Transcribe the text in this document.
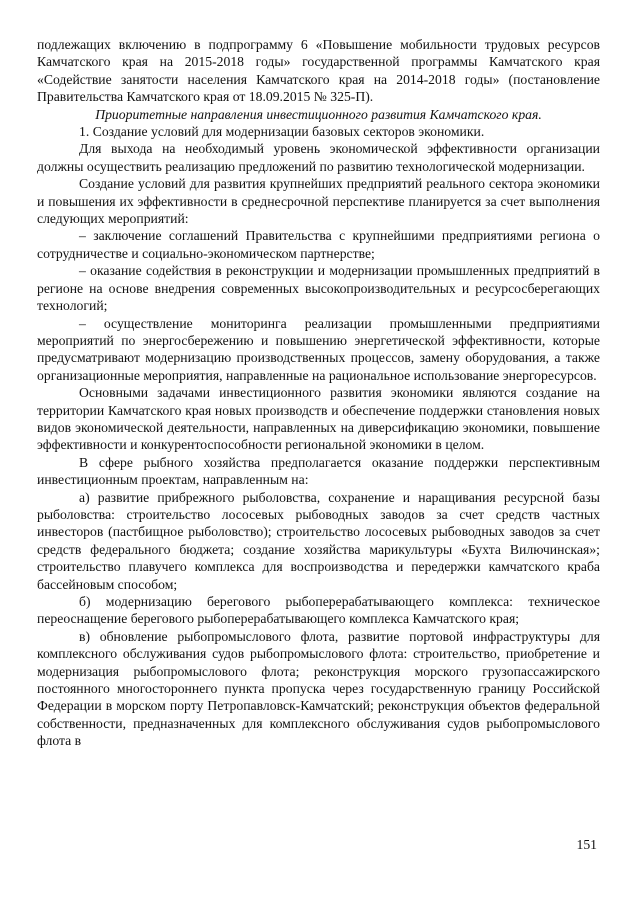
подлежащих включению в подпрограмму 6 «Повышение мобильности трудовых ресурсов Камчатского края на 2015-2018 годы» государственной программы Камчатского края «Содействие занятости населения Камчатского края на 2014-2018 годы» (постановление Правительства Камчатского края от 18.09.2015 № 325-П).

Приоритетные направления инвестиционного развития Камчатского края.

1. Создание условий для модернизации базовых секторов экономики.

Для выхода на необходимый уровень экономической эффективности организации должны осуществить реализацию предложений по развитию технологической модернизации.

Создание условий для развития крупнейших предприятий реального сектора экономики и повышения их эффективности в среднесрочной перспективе планируется за счет выполнения следующих мероприятий:

– заключение соглашений Правительства с крупнейшими предприятиями региона о сотрудничестве и социально-экономическом партнерстве;

– оказание содействия в реконструкции и модернизации промышленных предприятий в регионе на основе внедрения современных высокопроизводительных и ресурсосберегающих технологий;

– осуществление мониторинга реализации промышленными предприятиями мероприятий по энергосбережению и повышению энергетической эффективности, которые предусматривают модернизацию производственных процессов, замену оборудования, а также организационные мероприятия, направленные на рациональное использование энергоресурсов.

Основными задачами инвестиционного развития экономики являются создание на территории Камчатского края новых производств и обеспечение поддержки становления новых видов экономической деятельности, направленных на диверсификацию экономики, повышение эффективности и конкурентоспособности региональной экономики в целом.

В сфере рыбного хозяйства предполагается оказание поддержки перспективным инвестиционным проектам, направленным на:

а) развитие прибрежного рыболовства, сохранение и наращивания ресурсной базы рыболовства: строительство лососевых рыбоводных заводов за счет средств частных инвесторов (пастбищное рыболовство); строительство лососевых рыбоводных заводов за счет средств федерального бюджета; создание хозяйства марикультуры «Бухта Вилючинская»; строительство плавучего комплекса для воспроизводства и передержки камчатского краба бассейновым способом;

б) модернизацию берегового рыбоперерабатывающего комплекса: техническое переоснащение берегового рыбоперерабатывающего комплекса Камчатского края;

в) обновление рыбопромыслового флота, развитие портовой инфраструктуры для комплексного обслуживания судов рыбопромыслового флота: строительство, приобретение и модернизация рыбопромыслового флота; реконструкция морского грузопассажирского постоянного многостороннего пункта пропуска через государственную границу Российской Федерации в морском порту Петропавловск-Камчатский; реконструкция объектов федеральной собственности, предназначенных для комплексного обслуживания судов рыбопромыслового флота в

151
